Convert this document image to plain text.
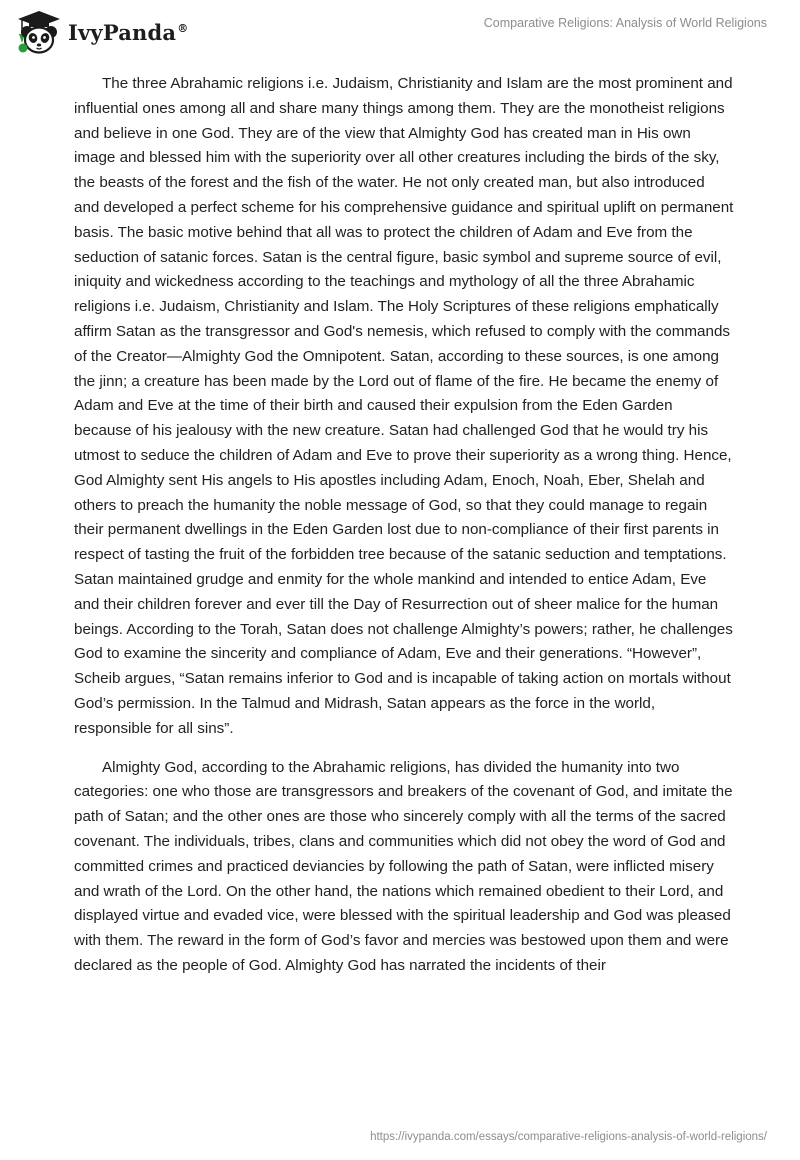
IvyPanda®	Comparative Religions: Analysis of World Religions

The three Abrahamic religions i.e. Judaism, Christianity and Islam are the most prominent and influential ones among all and share many things among them. They are the monotheist religions and believe in one God. They are of the view that Almighty God has created man in His own image and blessed him with the superiority over all other creatures including the birds of the sky, the beasts of the forest and the fish of the water. He not only created man, but also introduced and developed a perfect scheme for his comprehensive guidance and spiritual uplift on permanent basis. The basic motive behind that all was to protect the children of Adam and Eve from the seduction of satanic forces. Satan is the central figure, basic symbol and supreme source of evil, iniquity and wickedness according to the teachings and mythology of all the three Abrahamic religions i.e. Judaism, Christianity and Islam. The Holy Scriptures of these religions emphatically affirm Satan as the transgressor and God's nemesis, which refused to comply with the commands of the Creator—Almighty God the Omnipotent. Satan, according to these sources, is one among the jinn; a creature has been made by the Lord out of flame of the fire. He became the enemy of Adam and Eve at the time of their birth and caused their expulsion from the Eden Garden because of his jealousy with the new creature. Satan had challenged God that he would try his utmost to seduce the children of Adam and Eve to prove their superiority as a wrong thing. Hence, God Almighty sent His angels to His apostles including Adam, Enoch, Noah, Eber, Shelah and others to preach the humanity the noble message of God, so that they could manage to regain their permanent dwellings in the Eden Garden lost due to non-compliance of their first parents in respect of tasting the fruit of the forbidden tree because of the satanic seduction and temptations. Satan maintained grudge and enmity for the whole mankind and intended to entice Adam, Eve and their children forever and ever till the Day of Resurrection out of sheer malice for the human beings. According to the Torah, Satan does not challenge Almighty’s powers; rather, he challenges God to examine the sincerity and compliance of Adam, Eve and their generations. “However”, Scheib argues, “Satan remains inferior to God and is incapable of taking action on mortals without God’s permission. In the Talmud and Midrash, Satan appears as the force in the world, responsible for all sins”.

Almighty God, according to the Abrahamic religions, has divided the humanity into two categories: one who those are transgressors and breakers of the covenant of God, and imitate the path of Satan; and the other ones are those who sincerely comply with all the terms of the sacred covenant. The individuals, tribes, clans and communities which did not obey the word of God and committed crimes and practiced deviancies by following the path of Satan, were inflicted misery and wrath of the Lord. On the other hand, the nations which remained obedient to their Lord, and displayed virtue and evaded vice, were blessed with the spiritual leadership and God was pleased with them. The reward in the form of God’s favor and mercies was bestowed upon them and were declared as the people of God. Almighty God has narrated the incidents of their

https://ivypanda.com/essays/comparative-religions-analysis-of-world-religions/
